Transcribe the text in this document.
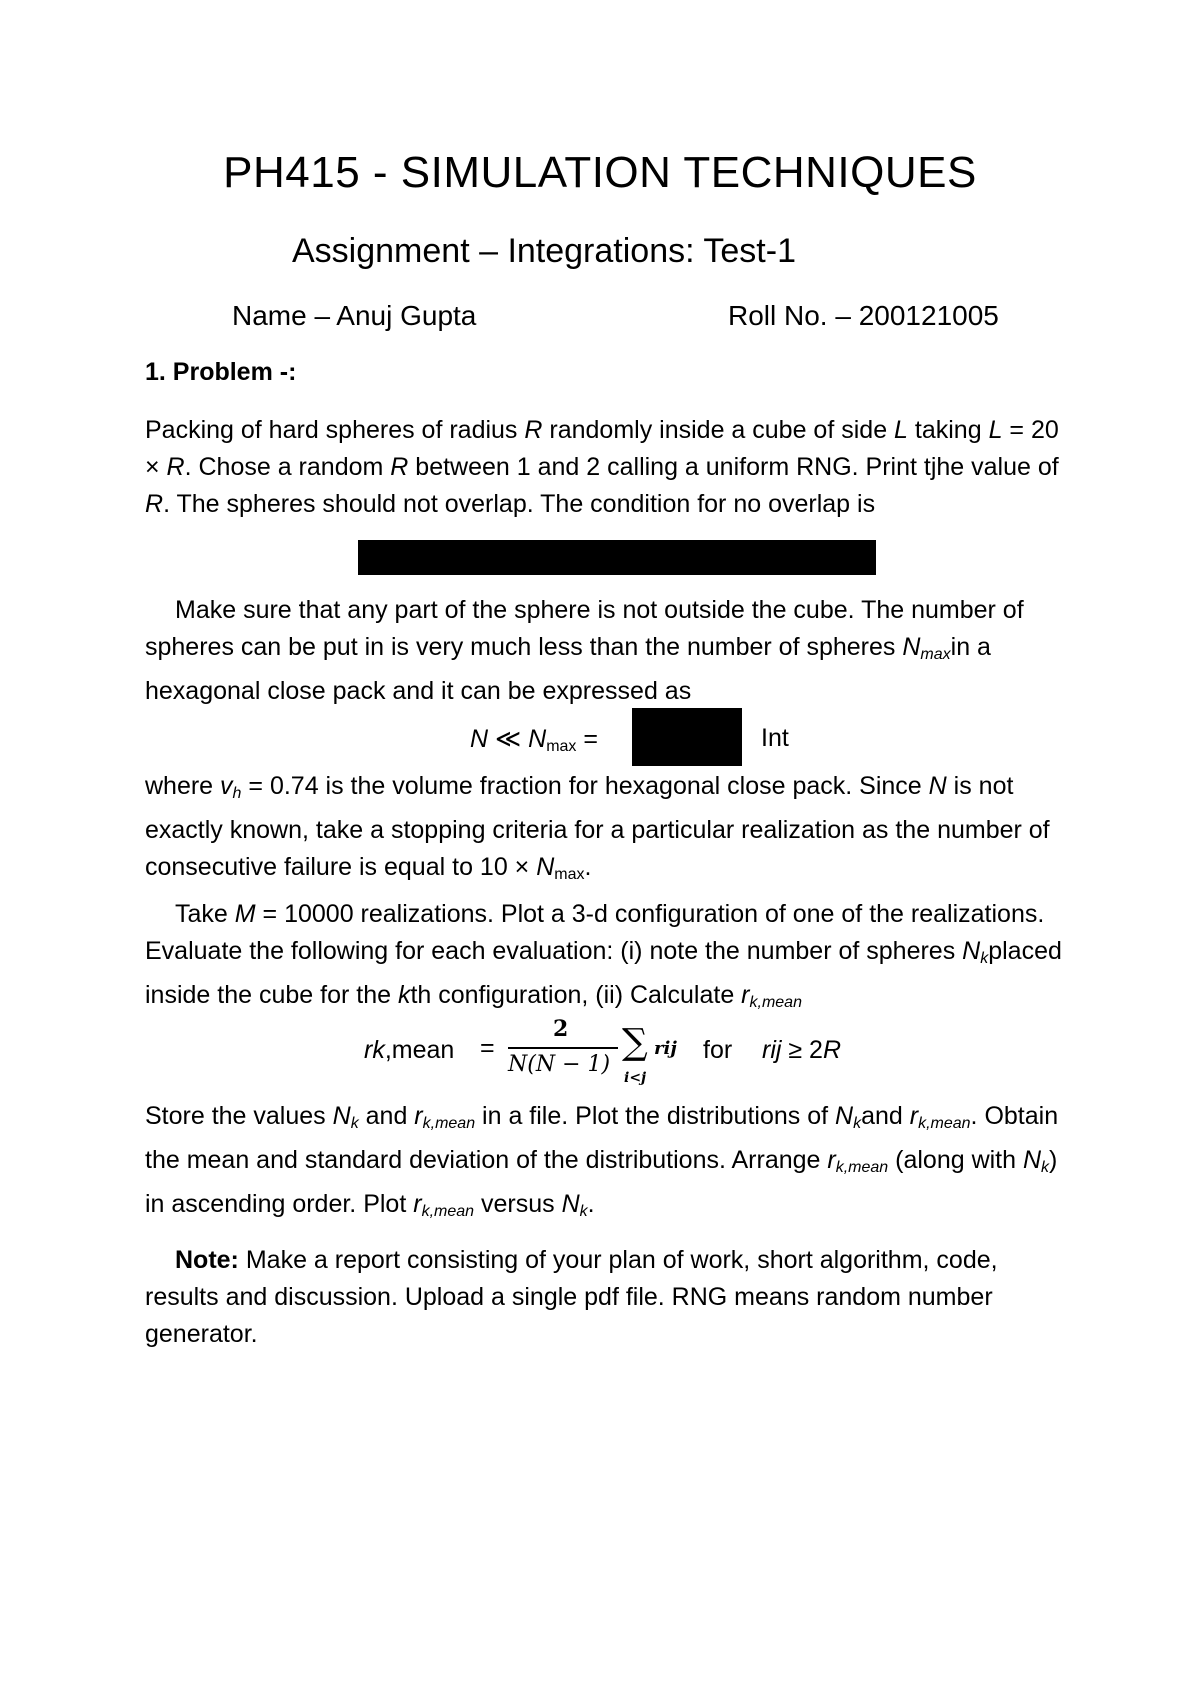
PH415 - SIMULATION TECHNIQUES
Assignment – Integrations: Test-1
Name – Anuj Gupta	Roll No. – 200121005
1. Problem -:
Packing of hard spheres of radius R randomly inside a cube of side L taking L = 20 × R. Chose a random R between 1 and 2 calling a uniform RNG. Print tjhe value of R. The spheres should not overlap. The condition for no overlap is
Make sure that any part of the sphere is not outside the cube. The number of spheres can be put in is very much less than the number of spheres $N_{max}in$ a hexagonal close pack and it can be expressed as
N ≪ $N_{max}$ =	Int
where $v_h = 0.74$ is the volume fraction for hexagonal close pack. Since N is not exactly known, take a stopping criteria for a particular realization as the number of consecutive failure is equal to $10 \times N_{max}$.
Take M = 10000 realizations. Plot a 3-d configuration of one of the realizations. Evaluate the following for each evaluation: (i) note the number of spheres $N_kplaced$ inside the cube for the kth configuration, (ii) Calculate $r_{k,mean}$
rk,mean =
2
N(N − 1)
∑
i<j
rij for rij ≥ 2R
Store the values $N_k$ and $r_{k,mean}$ in a file. Plot the distributions of $N_kand$ $r_{k,mean}$. Obtain the mean and standard deviation of the distributions. Arrange $r_{k,mean}$ (along with $N_k$) in ascending order. Plot $r_{k,mean}$ versus $N_k$.
Note: Make a report consisting of your plan of work, short algorithm, code, results and discussion. Upload a single pdf file. RNG means random number generator.
